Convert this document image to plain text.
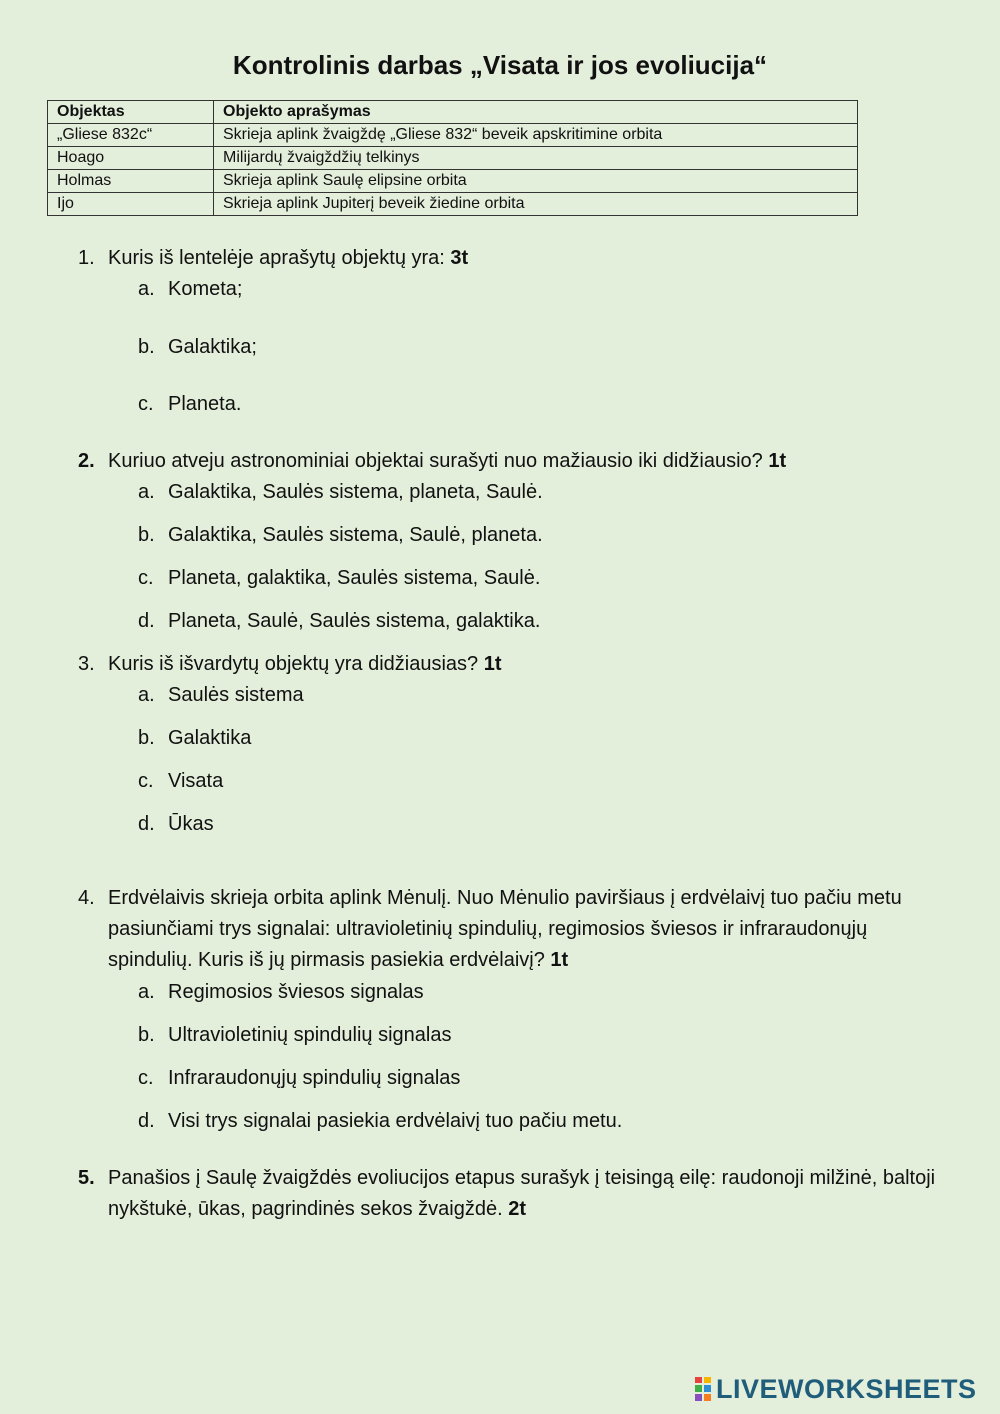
Kontrolinis darbas „Visata ir jos evoliucija“
Objektas	Objekto aprašymas
„Gliese 832c“	Skrieja aplink žvaigždę „Gliese 832“ beveik apskritimine orbita
Hoago	Milijardų žvaigždžių telkinys
Holmas	Skrieja aplink Saulę elipsine orbita
Ijo	Skrieja aplink Jupiterį beveik žiedine orbita
1. Kuris iš lentelėje aprašytų objektų yra: 3t
a. Kometa;
b. Galaktika;
c. Planeta.
2. Kuriuo atveju astronominiai objektai surašyti nuo mažiausio iki didžiausio? 1t
a. Galaktika, Saulės sistema, planeta, Saulė.
b. Galaktika, Saulės sistema, Saulė, planeta.
c. Planeta, galaktika, Saulės sistema, Saulė.
d. Planeta, Saulė, Saulės sistema, galaktika.
3. Kuris iš išvardytų objektų yra didžiausias? 1t
a. Saulės sistema
b. Galaktika
c. Visata
d. Ūkas
4. Erdvėlaivis skrieja orbita aplink Mėnulį. Nuo Mėnulio paviršiaus į erdvėlaivį tuo pačiu metu pasiunčiami trys signalai: ultravioletinių spindulių, regimosios šviesos ir infraraudonųjų spindulių. Kuris iš jų pirmasis pasiekia erdvėlaivį? 1t
a. Regimosios šviesos signalas
b. Ultravioletinių spindulių signalas
c. Infraraudonųjų spindulių signalas
d. Visi trys signalai pasiekia erdvėlaivį tuo pačiu metu.
5. Panašios į Saulę žvaigždės evoliucijos etapus surašyk į teisingą eilę: raudonoji milžinė, baltoji nykštukė, ūkas, pagrindinės sekos žvaigždė. 2t
LIVEWORKSHEETS
